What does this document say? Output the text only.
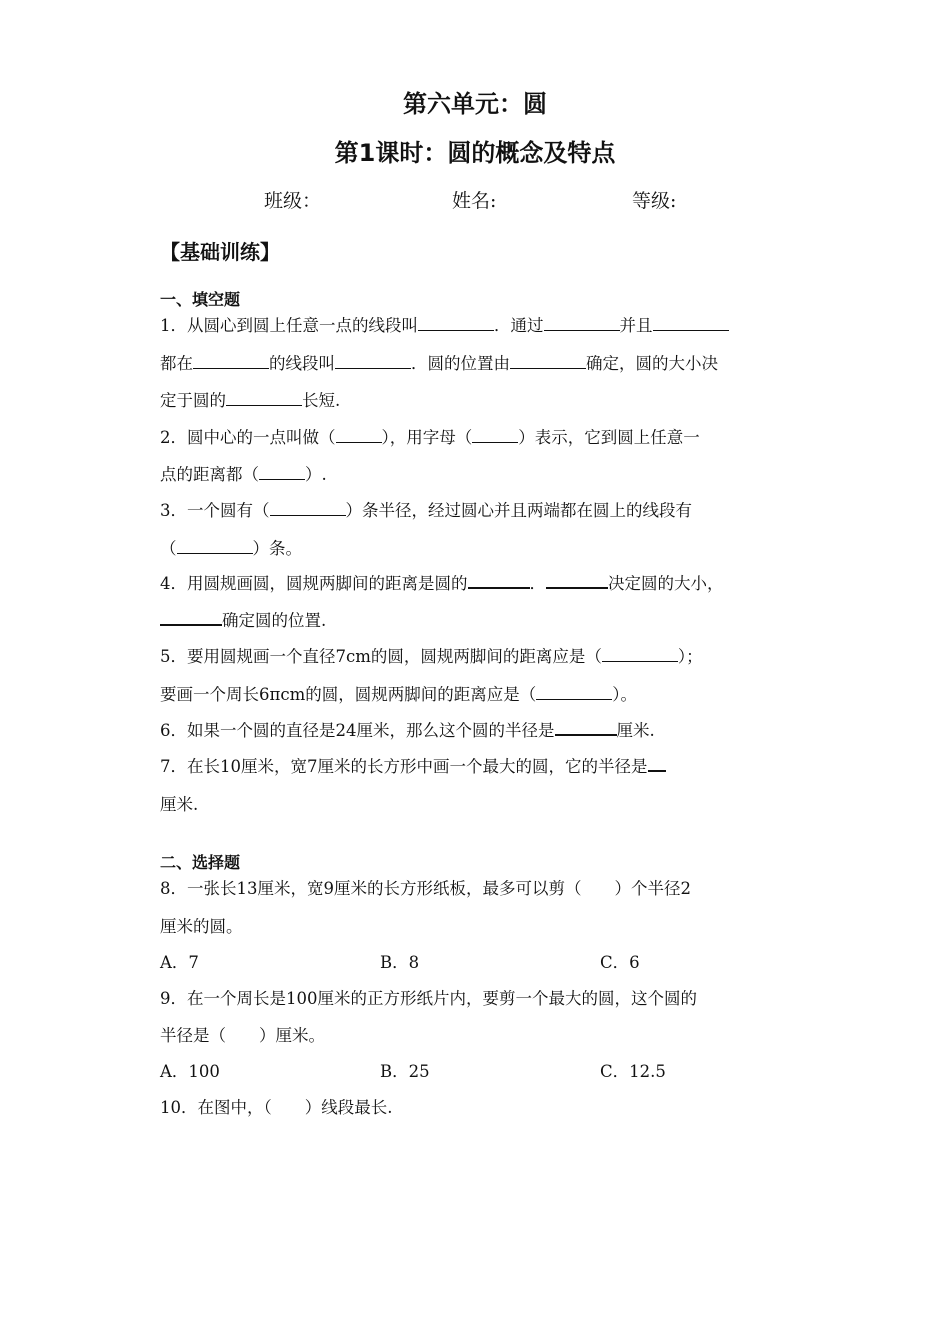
第六单元：圆
第1课时：圆的概念及特点
班级：	姓名:	等级:
【基础训练】
一、填空题
1．从圆心到圆上任意一点的线段叫	．通过	并且
都在	的线段叫	．圆的位置由	确定，圆的大小决
定于圆的	长短.
2．圆中心的一点叫做（	），用字母（	）表示，它到圆上任意一
点的距离都（	）.
3．一个圆有（	）条半径，经过圆心并且两端都在圆上的线段有
（	）条。
4．用圆规画圆，圆规两脚间的距离是圆的	．	决定圆的大小，
确定圆的位置.
5．要用圆规画一个直径7cm的圆，圆规两脚间的距离应是（	）；
要画一个周长6πcm的圆，圆规两脚间的距离应是（	）。
6．如果一个圆的直径是24厘米，那么这个圆的半径是	厘米.
7．在长10厘米，宽7厘米的长方形中画一个最大的圆，它的半径是
厘米.
二、选择题
8．一张长13厘米，宽9厘米的长方形纸板，最多可以剪（　　）个半径2
厘米的圆。
A．7	B．8	C．6
9．在一个周长是100厘米的正方形纸片内，要剪一个最大的圆，这个圆的
半径是（　　）厘米。
A．100	B．25	C．12.5
10．在图中，（　　）线段最长.
